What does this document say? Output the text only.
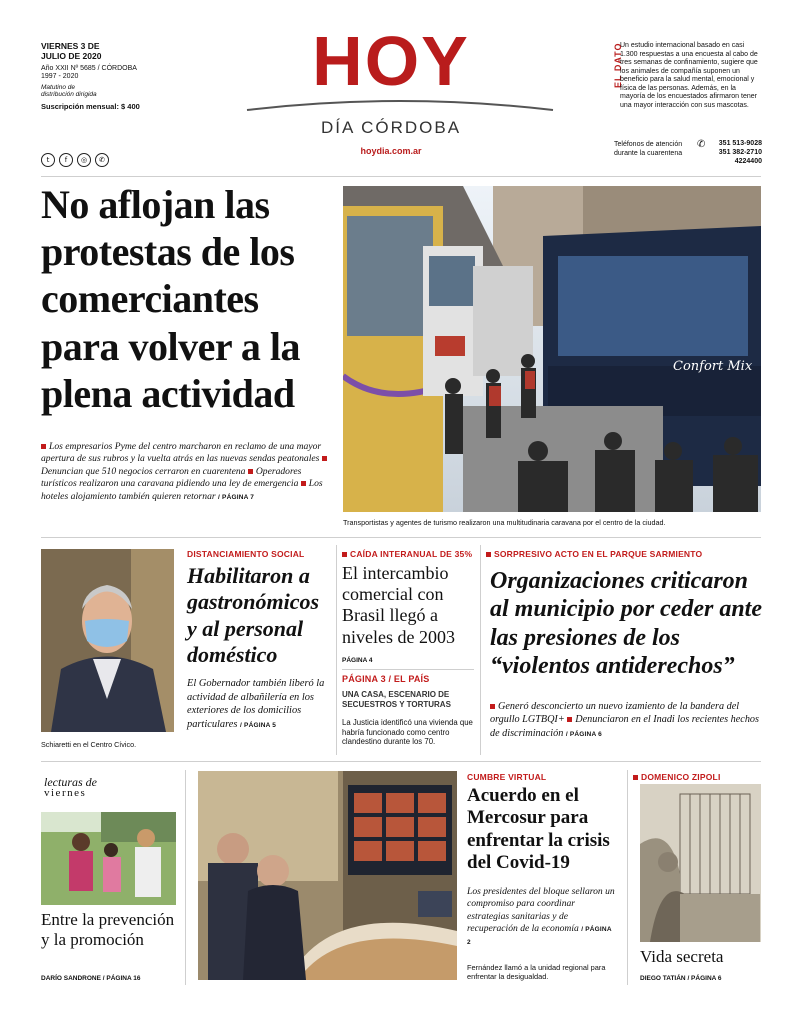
VIERNES 3 DE
JULIO DE 2020
Año XXII Nº 5685 / CÓRDOBA
1997 - 2020
Matutino de
distribución dirigida
Suscripción mensual: $ 400
t	f	◎	✆
HOY
DÍA CÓRDOBA
hoydia.com.ar
EL DATO
Un estudio internacional basado en casi 1.300 respuestas a una encuesta al cabo de tres semanas de confinamiento, sugiere que los animales de compañía suponen un beneficio para la salud mental, emocional y física de las personas. Además, en la mayoría de los encuestados afirmaron tener una mayor interacción con sus mascotas.
Teléfonos de atención
durante la cuarentena
✆	351 513-9028
351 382-2710
4224400
No aflojan las protestas de los comerciantes para volver a la plena actividad
Los empresarios Pyme del centro marcharon en reclamo de una mayor apertura de sus rubros y la vuelta atrás en las nuevas sendas peatonales Denuncian que 510 negocios cerraron en cuarentena Operadores turísticos realizaron una caravana pidiendo una ley de emergencia Los hoteles alojamiento también quieren retornar / PÁGINA 7
Confort Mix
Transportistas y agentes de turismo realizaron una multitudinaria caravana por el centro de la ciudad.
Schiaretti en el Centro Cívico.
DISTANCIAMIENTO SOCIAL
Habilitaron a gastronómicos y al personal doméstico
El Gobernador también liberó la actividad de albañilería en los exteriores de los domicilios particulares / PÁGINA 5
CAÍDA INTERANUAL DE 35%
El intercambio comercial con Brasil llegó a niveles de 2003
PÁGINA 4
PÁGINA 3 / EL PAÍS
UNA CASA, ESCENARIO DE SECUESTROS Y TORTURAS
La Justicia identificó una vivienda que habría funcionado como centro clandestino durante los 70.
SORPRESIVO ACTO EN EL PARQUE SARMIENTO
Organizaciones criticaron al municipio por ceder ante las presiones de los “violentos antiderechos”
Generó desconcierto un nuevo izamiento de la bandera del orgullo LGTBQI+ Denunciaron en el Inadi los recientes hechos de discriminación / PÁGINA 6
lecturas de
viernes
Entre la prevención y la promoción
DARÍO SANDRONE / PÁGINA 16
CUMBRE VIRTUAL
Acuerdo en el Mercosur para enfrentar la crisis del Covid-19
Los presidentes del bloque sellaron un compromiso para coordinar estrategias sanitarias y de recuperación de la economía / PÁGINA 2
Fernández llamó a la unidad regional para enfrentar la desigualdad.
DOMENICO ZIPOLI
Vida secreta
DIEGO TATIÁN / PÁGINA 6
